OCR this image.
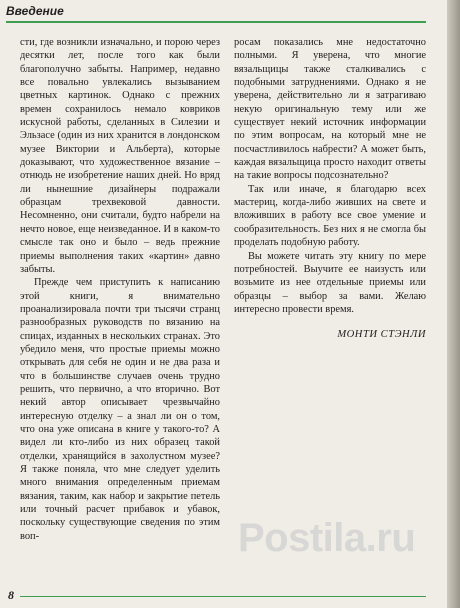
Введение

сти, где возникли изначально, и порою через десятки лет, после того как были благополучно забыты. Например, недавно все повально увлекались вызыванием цветных картинок. Однако с прежних времен сохранилось немало ковриков искусной работы, сделанных в Силезии и Эльзасе (один из них хранится в лондонском музее Виктории и Альберта), которые доказывают, что художественное вязание – отнюдь не изобретение наших дней. Но вряд ли нынешние дизайнеры подражали образцам трехвековой давности. Несомненно, они считали, будто набрели на нечто новое, еще неизведанное. И в каком-то смысле так оно и было – ведь прежние приемы выполнения таких «картин» давно забыты.

Прежде чем приступить к написанию этой книги, я внимательно проанализировала почти три тысячи странц разнообразных руководств по вязанию на спицах, изданных в нескольких странах. Это убедило меня, что простые приемы можно открывать для себя не один и не два раза и что в большинстве случаев очень трудно решить, что первично, а что вторично. Вот некий автор описывает чрезвычайно интересную отделку – а знал ли он о том, что она уже описана в книге у такого-то? А видел ли кто-либо из них образец такой отделки, хранящийся в захолустном музее? Я также поняла, что мне следует уделить много внимания определенным приемам вязания, таким, как набор и закрытие петель или точный расчет прибавок и убавок, поскольку существующие сведения по этим воп-

росам показались мне недостаточно полными. Я уверена, что многие вязальщицы также сталкивались с подобными затруднениями. Однако я не уверена, действительно ли я затрагиваю некую оригинальную тему или же существует некий источник информации по этим вопросам, на который мне не посчастливилось набрести? А может быть, каждая вязальщица просто находит ответы на такие вопросы подсознательно?

Так или иначе, я благодарю всех мастериц, когда-либо живших на свете и вложивших в работу все свое умение и сообразительность. Без них я не смогла бы проделать подобную работу.

Вы можете читать эту книгу по мере потребностей. Выучите ее наизусть или возьмите из нее отдельные приемы или образцы – выбор за вами. Желаю интересно провести время.

МОНТИ СТЭНЛИ
Postila.ru
8
